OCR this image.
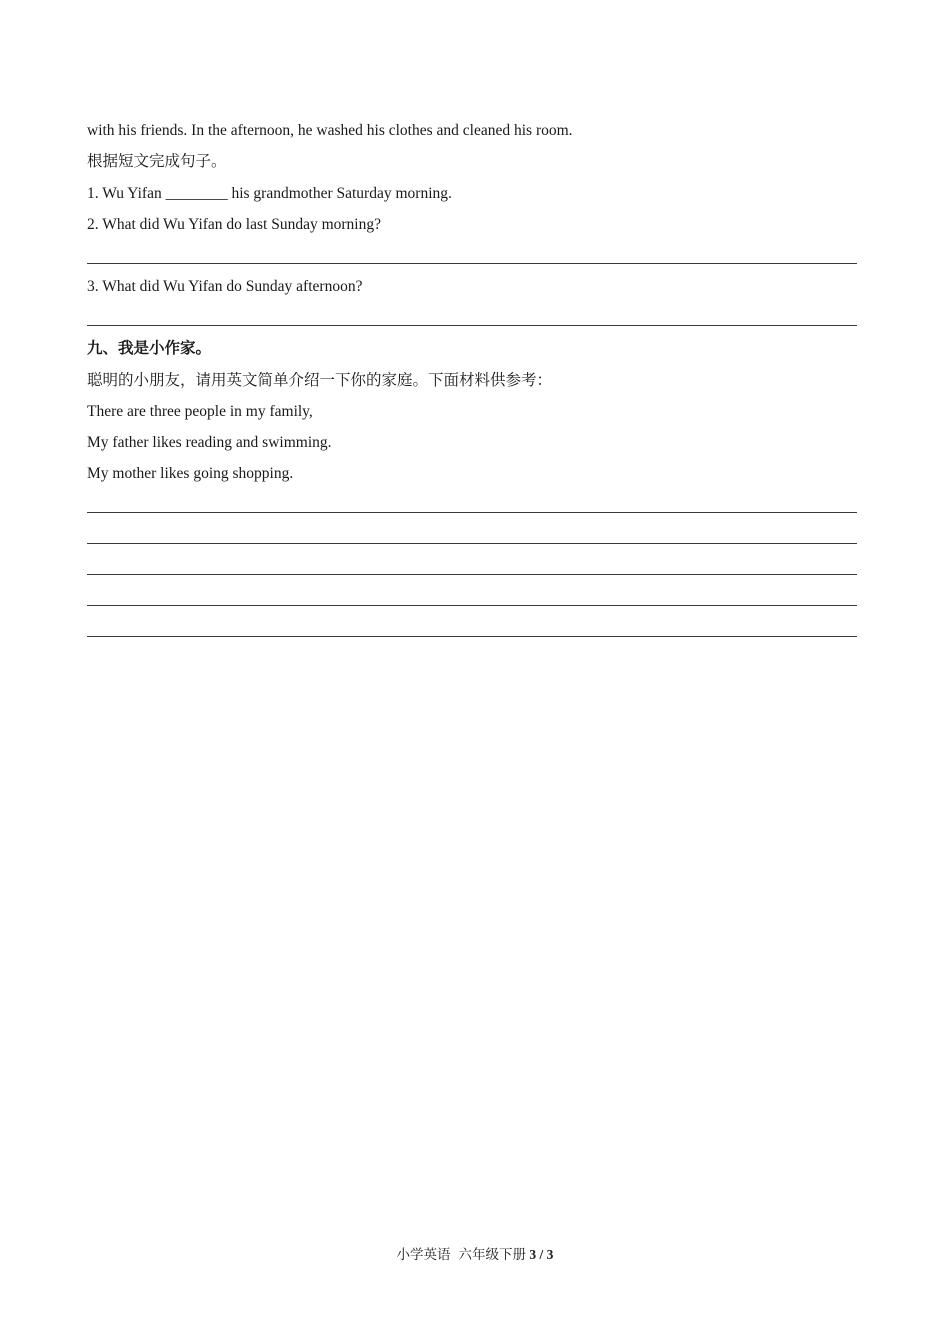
with his friends. In the afternoon, he washed his clothes and cleaned his room.
根据短文完成句子。
1. Wu Yifan ________ his grandmother Saturday morning.
2. What did Wu Yifan do last Sunday morning?
3. What did Wu Yifan do Sunday afternoon?
九、我是小作家。
聪明的小朋友，请用英文简单介绍一下你的家庭。下面材料供参考：
There are three people in my family,
My father likes reading and swimming.
My mother likes going shopping.
小学英语 六年级下册 3 / 3
